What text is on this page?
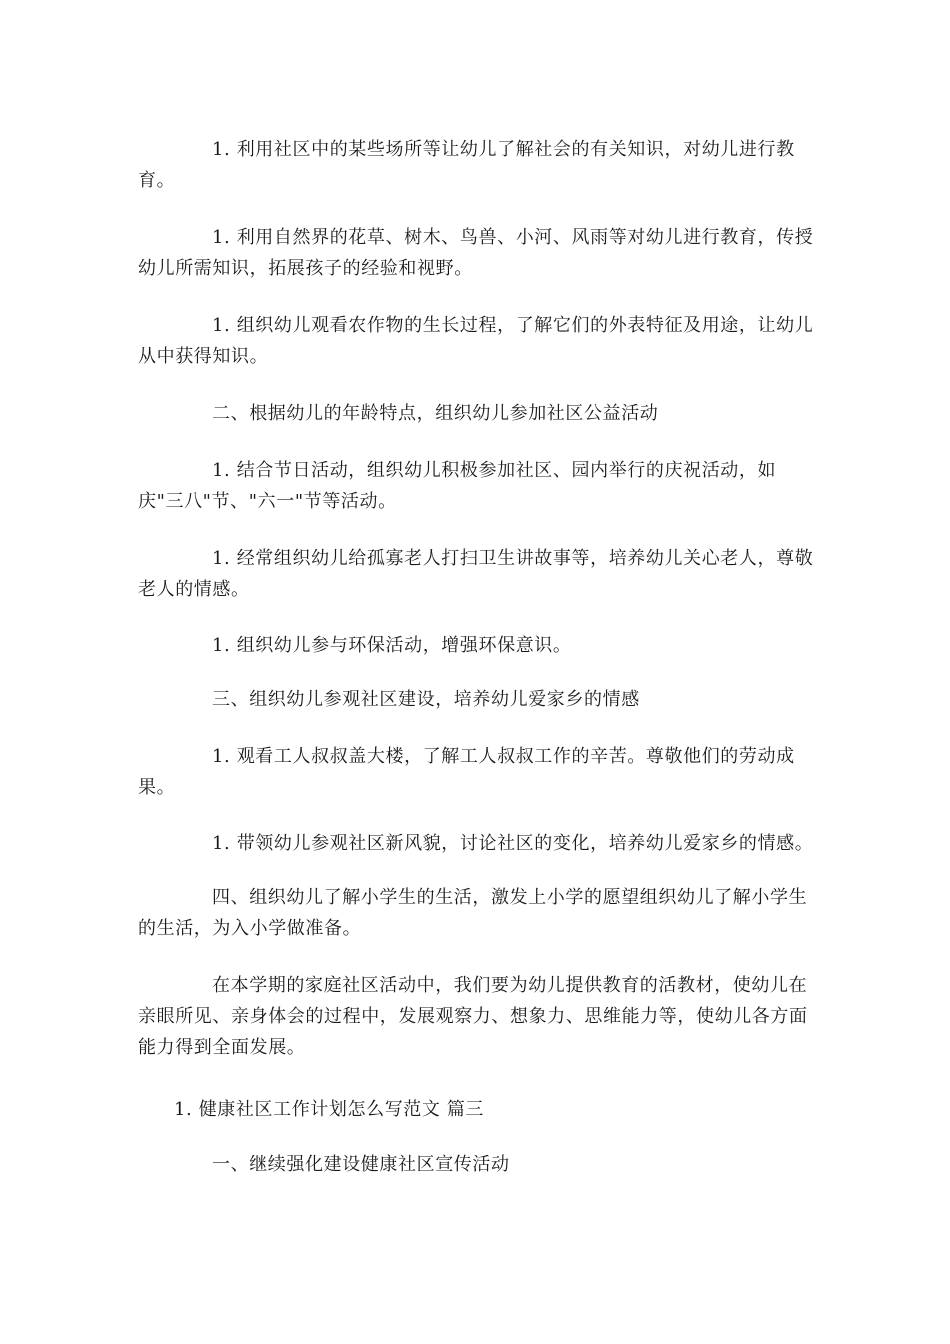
1. 利用社区中的某些场所等让幼儿了解社会的有关知识，对幼儿进行教育。

1. 利用自然界的花草、树木、鸟兽、小河、风雨等对幼儿进行教育，传授幼儿所需知识，拓展孩子的经验和视野。

1. 组织幼儿观看农作物的生长过程，了解它们的外表特征及用途，让幼儿从中获得知识。

二、根据幼儿的年龄特点，组织幼儿参加社区公益活动

1. 结合节日活动，组织幼儿积极参加社区、园内举行的庆祝活动，如庆"三八"节、"六一"节等活动。

1. 经常组织幼儿给孤寡老人打扫卫生讲故事等，培养幼儿关心老人，尊敬老人的情感。

1. 组织幼儿参与环保活动，增强环保意识。

三、组织幼儿参观社区建设，培养幼儿爱家乡的情感

1. 观看工人叔叔盖大楼，了解工人叔叔工作的辛苦。尊敬他们的劳动成果。

1. 带领幼儿参观社区新风貌，讨论社区的变化，培养幼儿爱家乡的情感。

四、组织幼儿了解小学生的生活，激发上小学的愿望组织幼儿了解小学生的生活，为入小学做准备。

在本学期的家庭社区活动中，我们要为幼儿提供教育的活教材，使幼儿在亲眼所见、亲身体会的过程中，发展观察力、想象力、思维能力等，使幼儿各方面能力得到全面发展。

1. 健康社区工作计划怎么写范文 篇三

一、继续强化建设健康社区宣传活动
